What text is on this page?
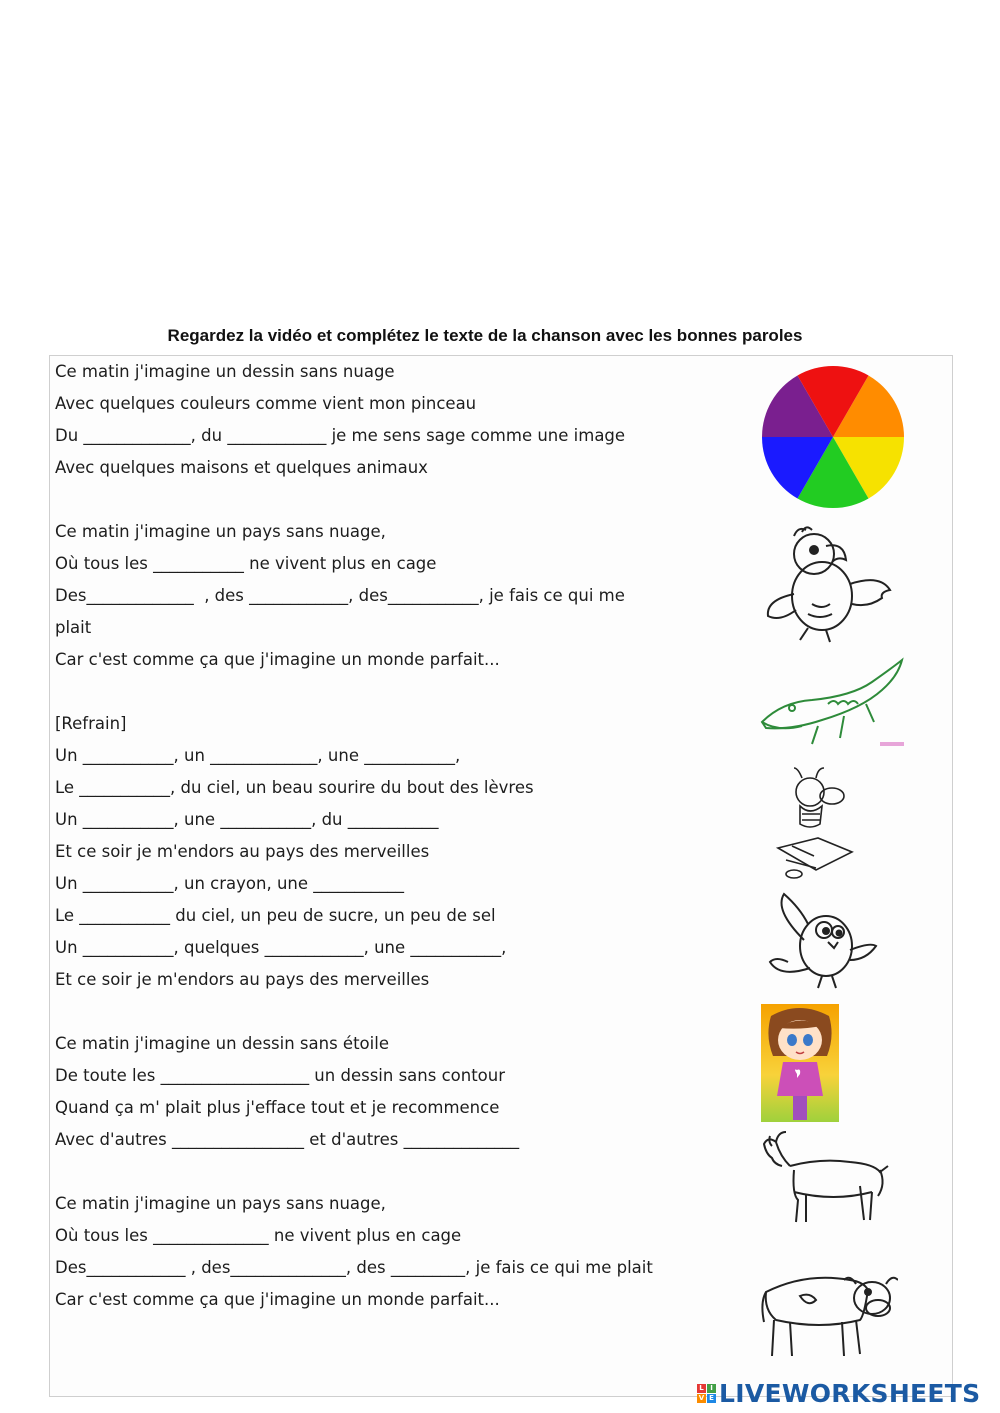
Regardez la vidéo et complétez le texte de la chanson avec les bonnes paroles
Ce matin j'imagine un dessin sans nuage
Avec quelques couleurs comme vient mon pinceau
Du _____________, du ____________ je me sens sage comme une image
Avec quelques maisons et quelques animaux
Ce matin j'imagine un pays sans nuage,
Où tous les ___________ ne vivent plus en cage
Des_____________  , des ____________, des___________, je fais ce qui me
plait
Car c'est comme ça que j'imagine un monde parfait...
[Refrain]
Un ___________, un _____________, une ___________,
Le ___________, du ciel, un beau sourire du bout des lèvres
Un ___________, une ___________, du ___________
Et ce soir je m'endors au pays des merveilles
Un ___________, un crayon, une ___________
Le ___________ du ciel, un peu de sucre, un peu de sel
Un ___________, quelques ____________, une ___________,
Et ce soir je m'endors au pays des merveilles
Ce matin j'imagine un dessin sans étoile
De toute les __________________ un dessin sans contour
Quand ça m' plait plus j'efface tout et je recommence
Avec d'autres ________________ et d'autres ______________
Ce matin j'imagine un pays sans nuage,
Où tous les ______________ ne vivent plus en cage
Des____________ , des______________, des _________, je fais ce qui me plait
Car c'est comme ça que j'imagine un monde parfait...
L I
V E LIVEWORKSHEETS
